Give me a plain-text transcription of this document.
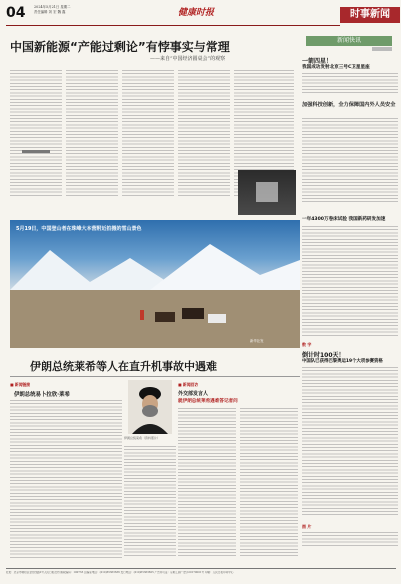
04	2024年5月21日 星期二
责任编辑 刘 宏 魏 鑫	健康时报	时事新闻
中国新能源“产能过剩论”有悖事实与常理
——来自“中国经济圆桌会”的观察
新闻快讯
一箭四星！
我国成功发射北京三号C卫星星座
加强科技创新，全力保障国内外人员安全
一年4300万卷床试验 我国新药研发加速
数 字
倒计时100天！
中国队已获得巴黎奥运19个大项参赛资格
图 片
5月19日，中国登山者在珠峰大本营附近拍摄的雪山景色
新华社发
伊朗总统莱希等人在直升机事故中遇难
■ 新闻链接
伊朗总统易卜拉欣·莱希
伊朗总统莱希（资料照片）
■ 新闻回访
外交部发言人
就伊朗总统莱希遇难答记者问
社址：北京市朝阳区金台西路2号人民日报社内 邮政编码：100733 总编室电话：(010)65363636 发行电话：(010)65363605 广告许可证：京朝工商广登字20170001号 印刷：人民日报印务中心
